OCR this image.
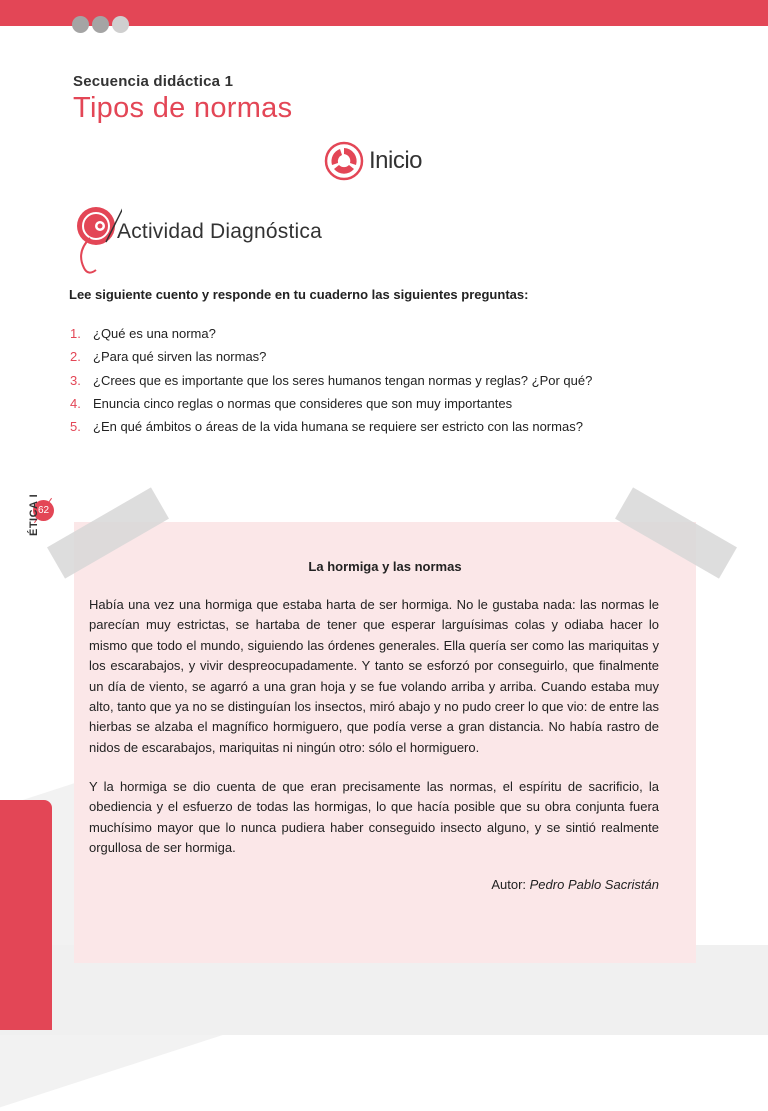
Secuencia didáctica 1
Tipos de normas
Inicio
Actividad Diagnóstica
Lee siguiente cuento y responde en tu cuaderno las siguientes preguntas:
1. ¿Qué es una norma?
2. ¿Para qué sirven las normas?
3. ¿Crees que es importante que los seres humanos tengan normas y reglas? ¿Por qué?
4. Enuncia cinco reglas o normas que consideres que son muy importantes
5. ¿En qué ámbitos o áreas de la vida humana se requiere ser estricto con las normas?
62
ÉTICA I
La hormiga y las normas

Había una vez una hormiga que estaba harta de ser hormiga. No le gustaba nada: las normas le parecían muy estrictas, se hartaba de tener que esperar larguísimas colas y odiaba hacer lo mismo que todo el mundo, siguiendo las órdenes generales. Ella quería ser como las mariquitas y los escarabajos, y vivir despreocupadamente. Y tanto se esforzó por conseguirlo, que finalmente un día de viento, se agarró a una gran hoja y se fue volando arriba y arriba. Cuando estaba muy alto, tanto que ya no se distinguían los insectos, miró abajo y no pudo creer lo que vio: de entre las hierbas se alzaba el magnífico hormiguero, que podía verse a gran distancia. No había rastro de nidos de escarabajos, mariquitas ni ningún otro: sólo el hormiguero.

Y la hormiga se dio cuenta de que eran precisamente las normas, el espíritu de sacrificio, la obediencia y el esfuerzo de todas las hormigas, lo que hacía posible que su obra conjunta fuera muchísimo mayor que lo nunca pudiera haber conseguido insecto alguno, y se sintió realmente orgullosa de ser hormiga.

Autor: Pedro Pablo Sacristán
